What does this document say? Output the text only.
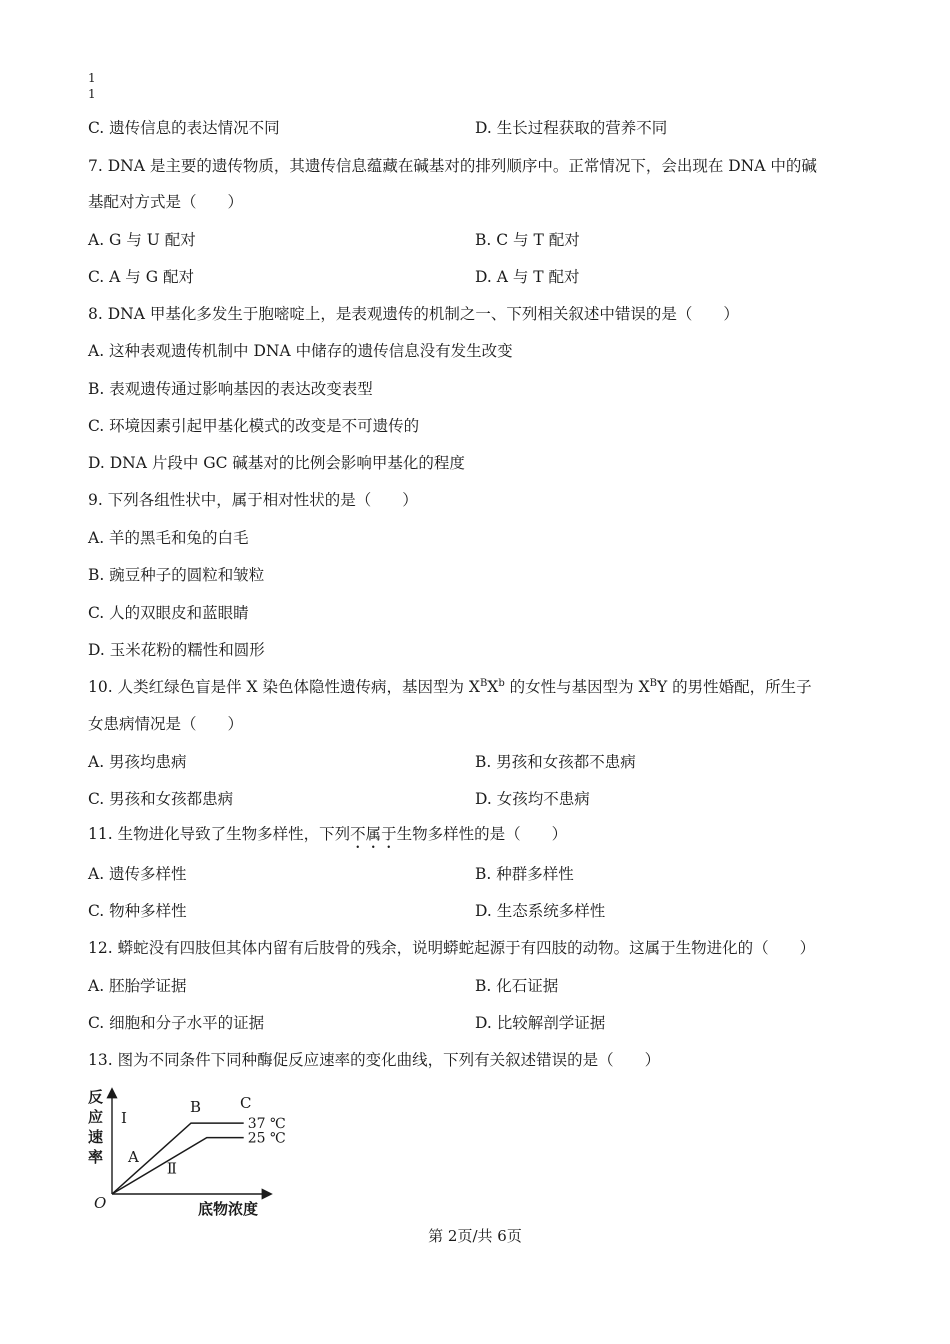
1
1
C. 遗传信息的表达情况不同	D. 生长过程获取的营养不同
7. DNA 是主要的遗传物质，其遗传信息蕴藏在碱基对的排列顺序中。正常情况下，会出现在 DNA 中的碱
基配对方式是（　　）
A. G 与 U 配对	B. C 与 T 配对
C. A 与 G 配对	D. A 与 T 配对
8. DNA 甲基化多发生于胞嘧啶上，是表观遗传的机制之一、下列相关叙述中错误的是（　　）
A. 这种表观遗传机制中 DNA 中储存的遗传信息没有发生改变
B. 表观遗传通过影响基因的表达改变表型
C. 环境因素引起甲基化模式的改变是不可遗传的
D. DNA 片段中 GC 碱基对的比例会影响甲基化的程度
9. 下列各组性状中，属于相对性状的是（　　）
A. 羊的黑毛和兔的白毛
B. 豌豆种子的圆粒和皱粒
C. 人的双眼皮和蓝眼睛
D. 玉米花粉的糯性和圆形
10. 人类红绿色盲是伴 X 染色体隐性遗传病，基因型为 $X^BX^b$ 的女性与基因型为 $X^BY$ 的男性婚配，所生子
女患病情况是（　　）
A. 男孩均患病	B. 男孩和女孩都不患病
C. 男孩和女孩都患病	D. 女孩均不患病
11. 生物进化导致了生物多样性，下列不属于生物多样性的是（　　）
A. 遗传多样性	B. 种群多样性
C. 物种多样性	D. 生态系统多样性
12. 蟒蛇没有四肢但其体内留有后肢骨的残余，说明蟒蛇起源于有四肢的动物。这属于生物进化的（　　）
A. 胚胎学证据	B. 化石证据
C. 细胞和分子水平的证据	D. 比较解剖学证据
13. 图为不同条件下同种酶促反应速率的变化曲线，下列有关叙述错误的是（　　）
反
应
速
率
O	底物浓度
37 ℃
Ⅰ
25 ℃
Ⅱ
A
B	C
第 2页/共 6页
